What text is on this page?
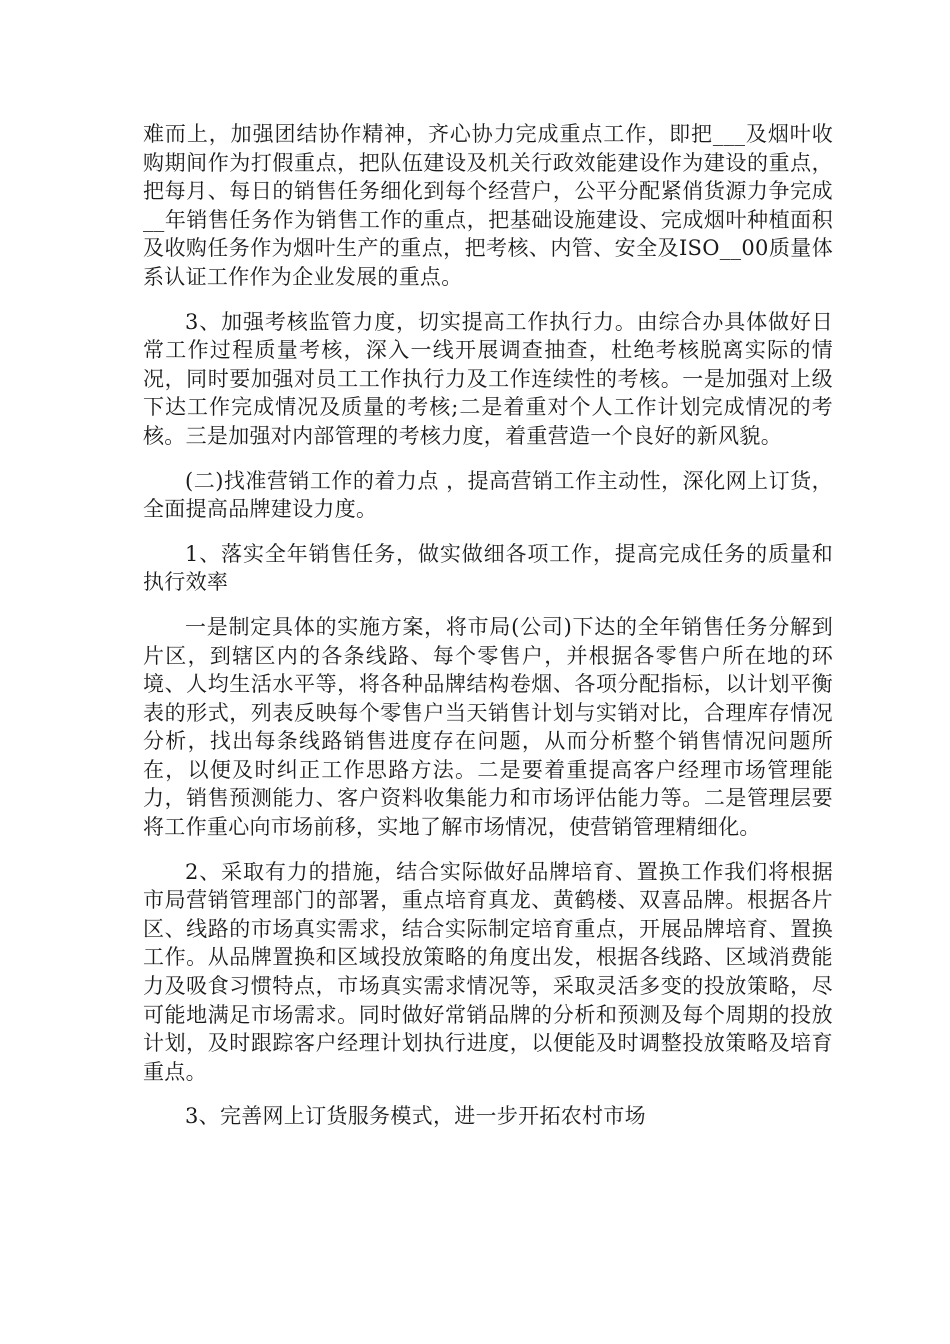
难而上，加强团结协作精神，齐心协力完成重点工作，即把___及烟叶收购期间作为打假重点，把队伍建设及机关行政效能建设作为建设的重点，把每月、每日的销售任务细化到每个经营户，公平分配紧俏货源力争完成__年销售任务作为销售工作的重点，把基础设施建设、完成烟叶种植面积及收购任务作为烟叶生产的重点，把考核、内管、安全及ISO__00质量体系认证工作作为企业发展的重点。

3、加强考核监管力度，切实提高工作执行力。由综合办具体做好日常工作过程质量考核，深入一线开展调查抽查，杜绝考核脱离实际的情况，同时要加强对员工工作执行力及工作连续性的考核。一是加强对上级下达工作完成情况及质量的考核;二是着重对个人工作计划完成情况的考核。三是加强对内部管理的考核力度，着重营造一个良好的新风貌。

(二)找准营销工作的着力点 ，提高营销工作主动性，深化网上订货，全面提高品牌建设力度。

1、落实全年销售任务，做实做细各项工作，提高完成任务的质量和执行效率

一是制定具体的实施方案，将市局(公司)下达的全年销售任务分解到片区，到辖区内的各条线路、每个零售户，并根据各零售户所在地的环境、人均生活水平等，将各种品牌结构卷烟、各项分配指标，以计划平衡表的形式，列表反映每个零售户当天销售计划与实销对比，合理库存情况分析，找出每条线路销售进度存在问题，从而分析整个销售情况问题所在，以便及时纠正工作思路方法。二是要着重提高客户经理市场管理能力，销售预测能力、客户资料收集能力和市场评估能力等。二是管理层要将工作重心向市场前移，实地了解市场情况，使营销管理精细化。

2、采取有力的措施，结合实际做好品牌培育、置换工作我们将根据市局营销管理部门的部署，重点培育真龙、黄鹤楼、双喜品牌。根据各片区、线路的市场真实需求，结合实际制定培育重点，开展品牌培育、置换工作。从品牌置换和区域投放策略的角度出发，根据各线路、区域消费能力及吸食习惯特点，市场真实需求情况等，采取灵活多变的投放策略，尽可能地满足市场需求。同时做好常销品牌的分析和预测及每个周期的投放计划，及时跟踪客户经理计划执行进度，以便能及时调整投放策略及培育重点。

3、完善网上订货服务模式，进一步开拓农村市场
